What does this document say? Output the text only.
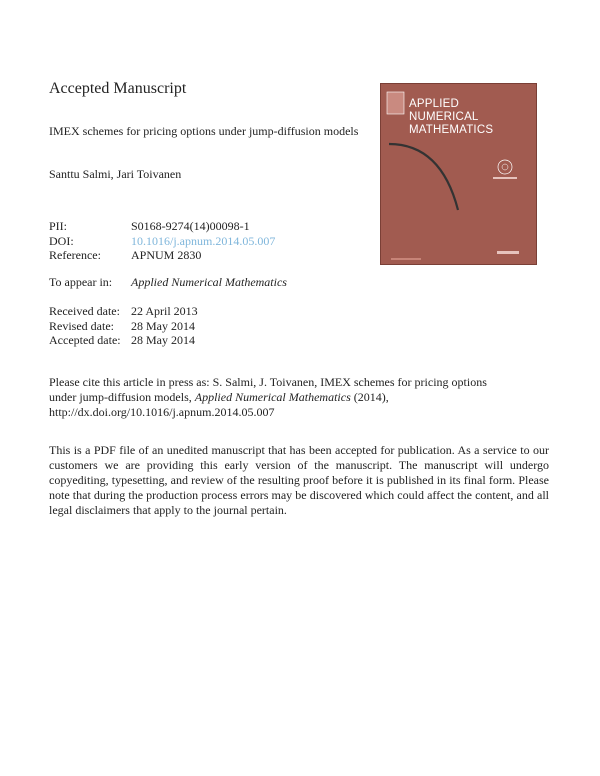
Accepted Manuscript
IMEX schemes for pricing options under jump-diffusion models
Santtu Salmi, Jari Toivanen
PII:	S0168-9274(14)00098-1
DOI:	10.1016/j.apnum.2014.05.007
Reference:	APNUM 2830
To appear in:	Applied Numerical Mathematics
Received date: 22 April 2013
Revised date:	28 May 2014
Accepted date: 28 May 2014
Please cite this article in press as: S. Salmi, J. Toivanen, IMEX schemes for pricing options
under jump-diffusion models, Applied Numerical Mathematics (2014),
http://dx.doi.org/10.1016/j.apnum.2014.05.007
This is a PDF file of an unedited manuscript that has been accepted for publication. As a service to our customers we are providing this early version of the manuscript. The manuscript will undergo copyediting, typesetting, and review of the resulting proof before it is published in its final form. Please note that during the production process errors may be discovered which could affect the content, and all legal disclaimers that apply to the journal pertain.
APPLIED
NUMERICAL
MATHEMATICS
